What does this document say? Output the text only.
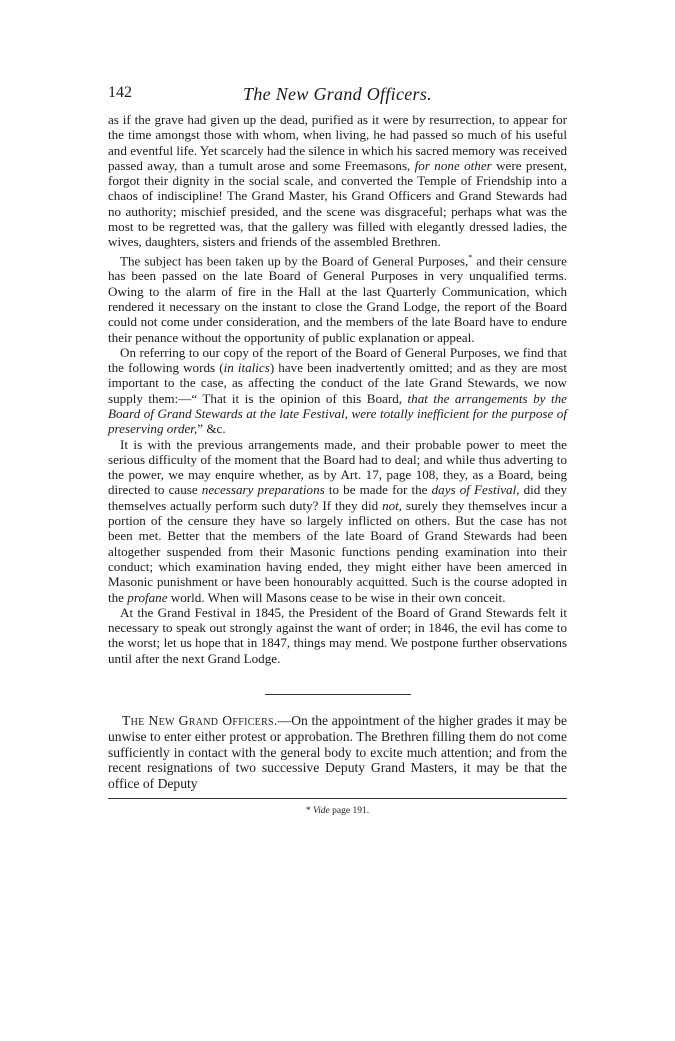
142	The New Grand Officers.

as if the grave had given up the dead, purified as it were by resurrection, to appear for the time amongst those with whom, when living, he had passed so much of his useful and eventful life. Yet scarcely had the silence in which his sacred memory was received passed away, than a tumult arose and some Freemasons, for none other were present, forgot their dignity in the social scale, and converted the Temple of Friendship into a chaos of indiscipline! The Grand Master, his Grand Officers and Grand Stewards had no authority; mischief presided, and the scene was disgraceful; perhaps what was the most to be regretted was, that the gallery was filled with elegantly dressed ladies, the wives, daughters, sisters and friends of the assembled Brethren.

The subject has been taken up by the Board of General Purposes,* and their censure has been passed on the late Board of General Purposes in very unqualified terms. Owing to the alarm of fire in the Hall at the last Quarterly Communication, which rendered it necessary on the instant to close the Grand Lodge, the report of the Board could not come under consideration, and the members of the late Board have to endure their penance without the opportunity of public explanation or appeal.

On referring to our copy of the report of the Board of General Purposes, we find that the following words (in italics) have been inadvertently omitted; and as they are most important to the case, as affecting the conduct of the late Grand Stewards, we now supply them:—“ That it is the opinion of this Board, that the arrangements by the Board of Grand Stewards at the late Festival, were totally inefficient for the purpose of preserving order,” &c.

It is with the previous arrangements made, and their probable power to meet the serious difficulty of the moment that the Board had to deal; and while thus adverting to the power, we may enquire whether, as by Art. 17, page 108, they, as a Board, being directed to cause necessary preparations to be made for the days of Festival, did they themselves actually perform such duty? If they did not, surely they themselves incur a portion of the censure they have so largely inflicted on others. But the case has not been met. Better that the members of the late Board of Grand Stewards had been altogether suspended from their Masonic functions pending examination into their conduct; which examination having ended, they might either have been amerced in Masonic punishment or have been honourably acquitted. Such is the course adopted in the profane world. When will Masons cease to be wise in their own conceit.

At the Grand Festival in 1845, the President of the Board of Grand Stewards felt it necessary to speak out strongly against the want of order; in 1846, the evil has come to the worst; let us hope that in 1847, things may mend. We postpone further observations until after the next Grand Lodge.

The New Grand Officers.—On the appointment of the higher grades it may be unwise to enter either protest or approbation. The Brethren filling them do not come sufficiently in contact with the general body to excite much attention; and from the recent resignations of two successive Deputy Grand Masters, it may be that the office of Deputy

* Vide page 191.
